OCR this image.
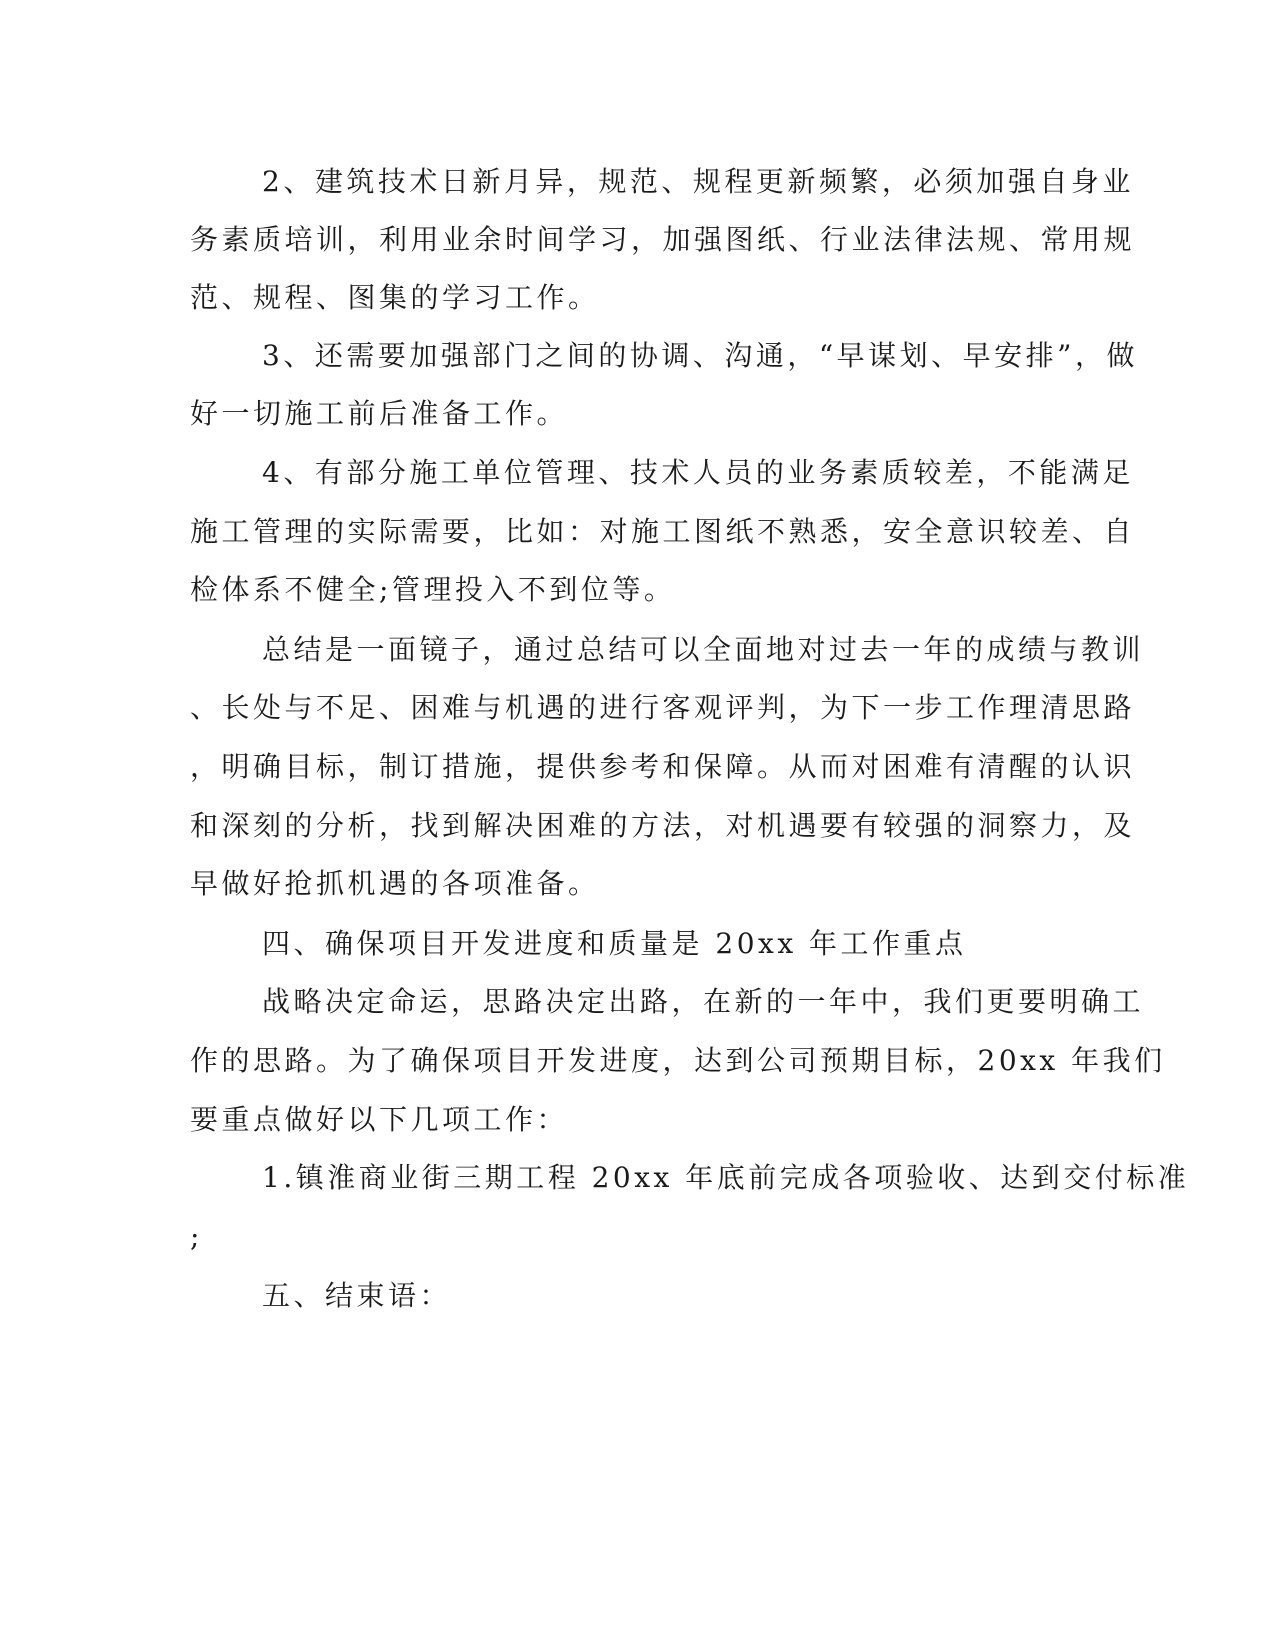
2、建筑技术日新月异，规范、规程更新频繁，必须加强自身业

务素质培训，利用业余时间学习，加强图纸、行业法律法规、常用规

范、规程、图集的学习工作。

3、还需要加强部门之间的协调、沟通，“早谋划、早安排”，做

好一切施工前后准备工作。

4、有部分施工单位管理、技术人员的业务素质较差，不能满足

施工管理的实际需要，比如：对施工图纸不熟悉，安全意识较差、自

检体系不健全;管理投入不到位等。

总结是一面镜子，通过总结可以全面地对过去一年的成绩与教训

、长处与不足、困难与机遇的进行客观评判，为下一步工作理清思路

，明确目标，制订措施，提供参考和保障。从而对困难有清醒的认识

和深刻的分析，找到解决困难的方法，对机遇要有较强的洞察力，及

早做好抢抓机遇的各项准备。

四、确保项目开发进度和质量是 20xx 年工作重点

战略决定命运，思路决定出路，在新的一年中，我们更要明确工

作的思路。为了确保项目开发进度，达到公司预期目标，20xx 年我们

要重点做好以下几项工作：

1.镇淮商业街三期工程 20xx 年底前完成各项验收、达到交付标准

;

五、结束语：
